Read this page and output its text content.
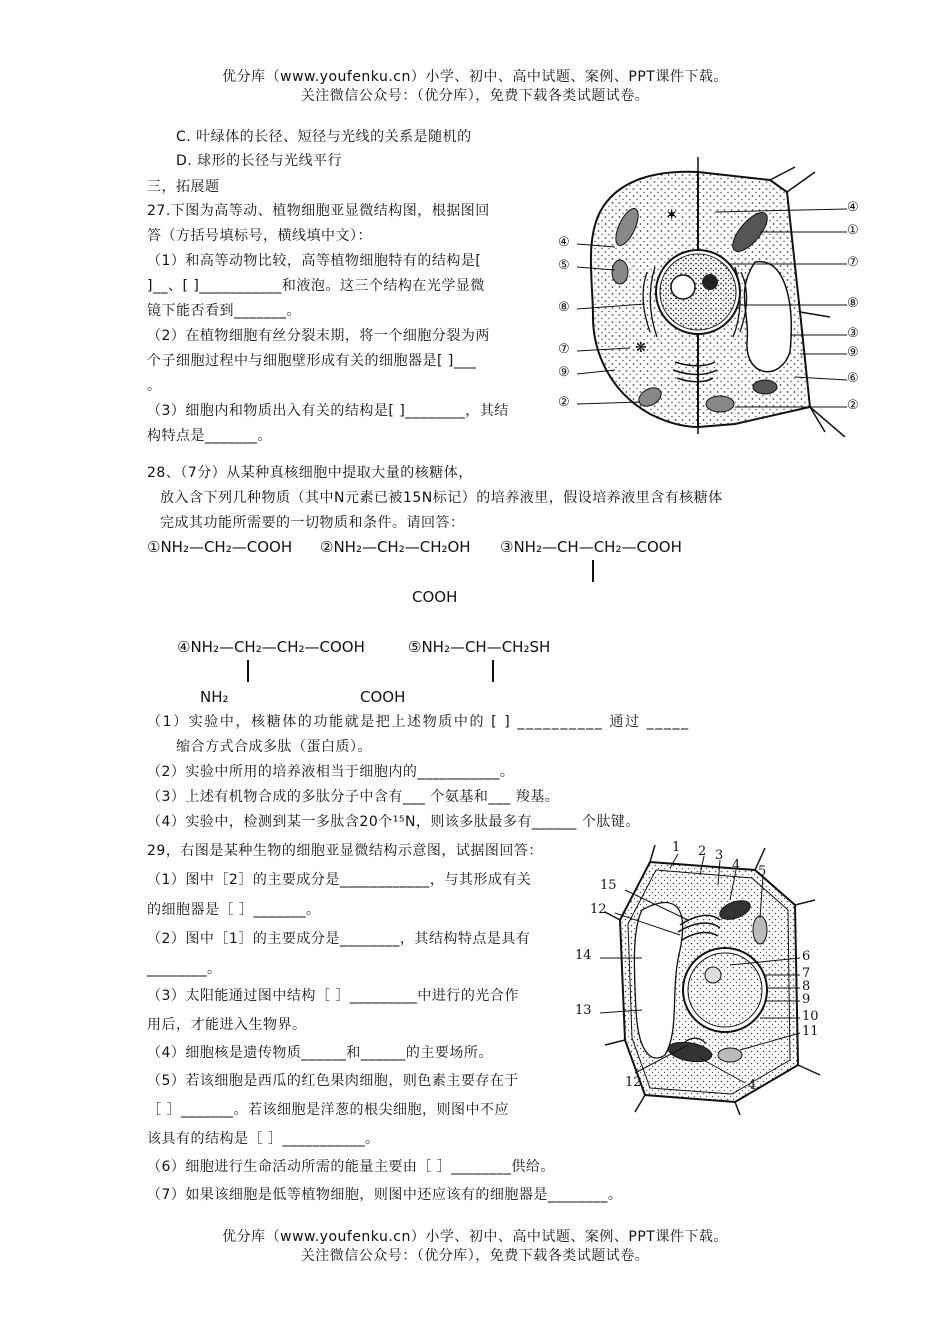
优分库（www.youfenku.cn）小学、初中、高中试题、案例、PPT课件下载。
关注微信公众号：（优分库），免费下载各类试题试卷。
C. 叶绿体的长径、短径与光线的关系是随机的
D. 球形的长径与光线平行
三，拓展题
27.下图为高等动、植物细胞亚显微结构图，根据图回
答（方括号填标号，横线填中文）：
（1）和高等动物比较，高等植物细胞特有的结构是[
]__、[ ]___________和液泡。这三个结构在光学显微
镜下能否看到_______。
（2）在植物细胞有丝分裂末期，将一个细胞分裂为两
个子细胞过程中与细胞壁形成有关的细胞器是[ ]___
。
（3）细胞内和物质出入有关的结构是[ ]________，其结
构特点是_______。
✶
❋
④
⑤
⑧
⑦
⑨
②
④
①
⑦
⑧
③
⑨
⑥
②
28、（7分）从某种真核细胞中提取大量的核糖体，
放入含下列几种物质（其中N元素已被15N标记）的培养液里，假设培养液里含有核糖体
完成其功能所需要的一切物质和条件。请回答：
①NH₂—CH₂—COOH ②NH₂—CH₂—CH₂OH ③NH₂—CH—CH₂—COOH
COOH
④NH₂—CH₂—CH₂—COOH
NH₂
⑤NH₂—CH—CH₂SH
COOH
（1）实验中，核糖体的功能就是把上述物质中的 [ ] __________ 通过 _____
缩合方式合成多肽（蛋白质）。
（2）实验中所用的培养液相当于细胞内的___________。
（3）上述有机物合成的多肽分子中含有___ 个氨基和___ 羧基。
（4）实验中，检测到某一多肽含20个¹⁵N，则该多肽最多有______ 个肽键。
29，右图是某种生物的细胞亚显微结构示意图，试据图回答：
（1）图中［2］的主要成分是____________，与其形成有关
的细胞器是［ ］_______。
（2）图中［1］的主要成分是________，其结构特点是具有
________。
（3）太阳能通过图中结构［ ］_________中进行的光合作
用后，才能进入生物界。
（4）细胞核是遗传物质______和______的主要场所。
（5）若该细胞是西瓜的红色果肉细胞，则色素主要存在于
［ ］_______。若该细胞是洋葱的根尖细胞，则图中不应
该具有的结构是［ ］___________。
（6）细胞进行生命活动所需的能量主要由［ ］________供给。
（7）如果该细胞是低等植物细胞，则图中还应该有的细胞器是________。
1 2 3
4 5
15
12
14	6
7
8
9
13	10
11
12	4
优分库（www.youfenku.cn）小学、初中、高中试题、案例、PPT课件下载。
关注微信公众号：（优分库），免费下载各类试题试卷。
